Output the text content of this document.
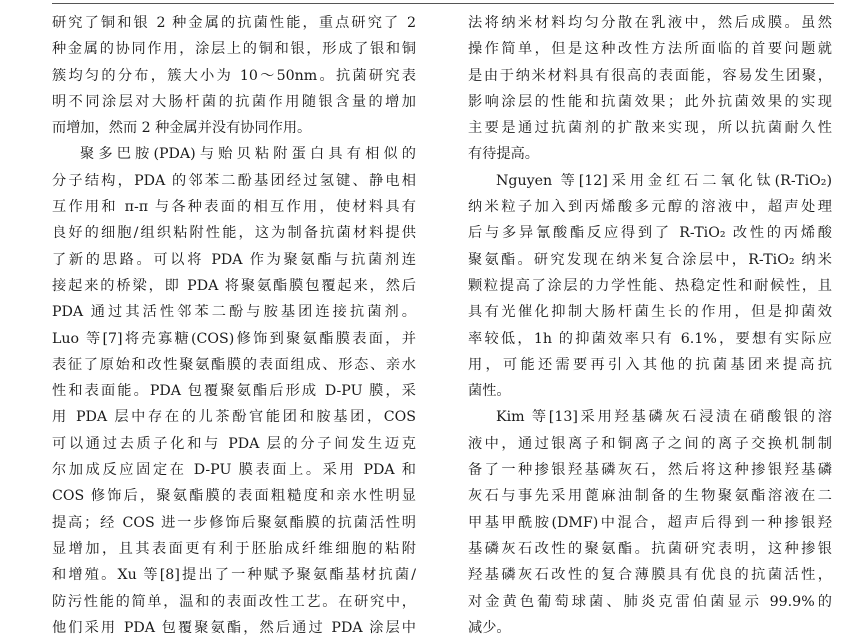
研究了铜和银 2 种金属的抗菌性能，重点研究了 2
种金属的协同作用，涂层上的铜和银，形成了银和铜
簇均匀的分布，簇大小为 10～50nm。抗菌研究表
明不同涂层对大肠杆菌的抗菌作用随银含量的增加
而增加，然而 2 种金属并没有协同作用。
聚多巴胺(PDA)与贻贝粘附蛋白具有相似的
分子结构，PDA 的邻苯二酚基团经过氢键、静电相
互作用和 π-π 与各种表面的相互作用，使材料具有
良好的细胞/组织粘附性能，这为制备抗菌材料提供
了新的思路。可以将 PDA 作为聚氨酯与抗菌剂连
接起来的桥梁，即 PDA 将聚氨酯膜包覆起来，然后
PDA 通过其活性邻苯二酚与胺基团连接抗菌剂。
Luo 等[7]将壳寡糖(COS)修饰到聚氨酯膜表面，并
表征了原始和改性聚氨酯膜的表面组成、形态、亲水
性和表面能。PDA 包覆聚氨酯后形成 D-PU 膜，采
用 PDA 层中存在的儿茶酚官能团和胺基团，COS
可以通过去质子化和与 PDA 层的分子间发生迈克
尔加成反应固定在 D-PU 膜表面上。采用 PDA 和
COS 修饰后，聚氨酯膜的表面粗糙度和亲水性明显
提高；经 COS 进一步修饰后聚氨酯膜的抗菌活性明
显增加，且其表面更有利于胚胎成纤维细胞的粘附
和增殖。Xu 等[8]提出了一种赋予聚氨酯基材抗菌/
防污性能的简单，温和的表面改性工艺。在研究中，
他们采用 PDA 包覆聚氨酯，然后通过 PDA 涂层中
法将纳米材料均匀分散在乳液中，然后成膜。虽然
操作简单，但是这种改性方法所面临的首要问题就
是由于纳米材料具有很高的表面能，容易发生团聚，
影响涂层的性能和抗菌效果；此外抗菌效果的实现
主要是通过抗菌剂的扩散来实现，所以抗菌耐久性
有待提高。
Nguyen 等[12]采用金红石二氧化钛(R-TiO₂)
纳米粒子加入到丙烯酸多元醇的溶液中，超声处理
后与多异氰酸酯反应得到了 R-TiO₂ 改性的丙烯酸
聚氨酯。研究发现在纳米复合涂层中，R-TiO₂ 纳米
颗粒提高了涂层的力学性能、热稳定性和耐候性，且
具有光催化抑制大肠杆菌生长的作用，但是抑菌效
率较低，1h 的抑菌效率只有 6.1%，要想有实际应
用，可能还需要再引入其他的抗菌基团来提高抗
菌性。
Kim 等[13]采用羟基磷灰石浸渍在硝酸银的溶
液中，通过银离子和铜离子之间的离子交换机制制
备了一种掺银羟基磷灰石，然后将这种掺银羟基磷
灰石与事先采用蓖麻油制备的生物聚氨酯溶液在二
甲基甲酰胺(DMF)中混合，超声后得到一种掺银羟
基磷灰石改性的聚氨酯。抗菌研究表明，这种掺银
羟基磷灰石改性的复合薄膜具有优良的抗菌活性，
对金黄色葡萄球菌、肺炎克雷伯菌显示 99.9%的
减少。
